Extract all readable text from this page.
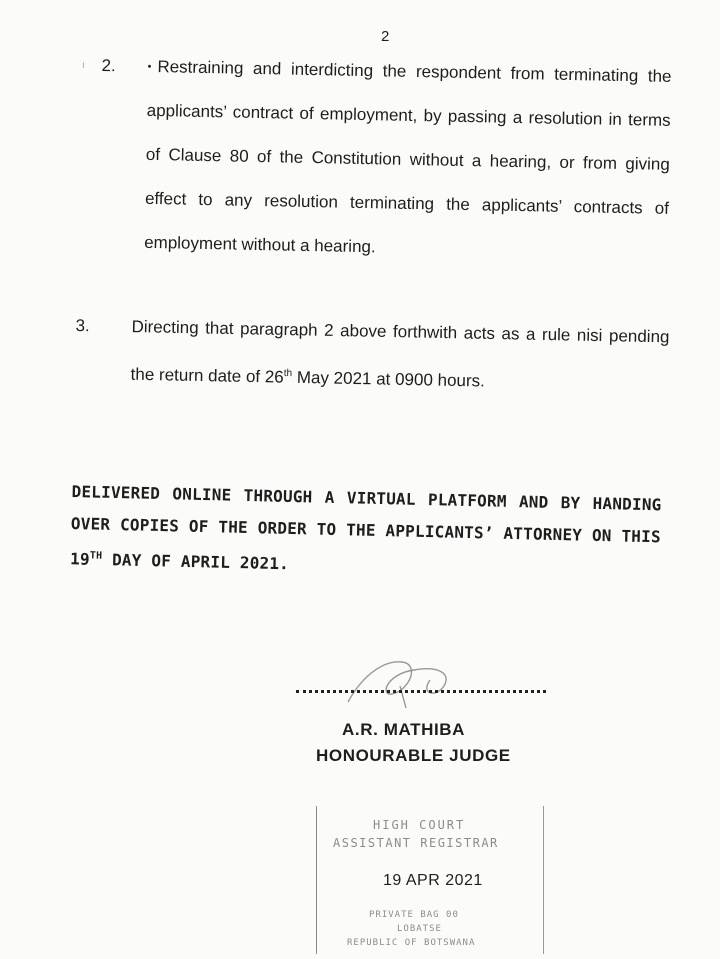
ı
2
2.	• Restraining and interdicting the respondent from terminating the applicants’ contract of employment, by passing a resolution in terms of Clause 80 of the Constitution without a hearing, or from giving effect to any resolution terminating the applicants’ contracts of employment without a hearing.
3. Directing that paragraph 2 above forthwith acts as a rule nisi pending the return date of 26th May 2021 at 0900 hours.
DELIVERED ONLINE THROUGH A VIRTUAL PLATFORM AND BY HANDING OVER COPIES OF THE ORDER TO THE APPLICANTS’ ATTORNEY ON THIS 19TH DAY OF APRIL 2021.
A.R. MATHIBA
HONOURABLE JUDGE
HIGH COURT
ASSISTANT REGISTRAR
19 APR 2021
PRIVATE BAG 00
LOBATSE
REPUBLIC OF BOTSWANA
